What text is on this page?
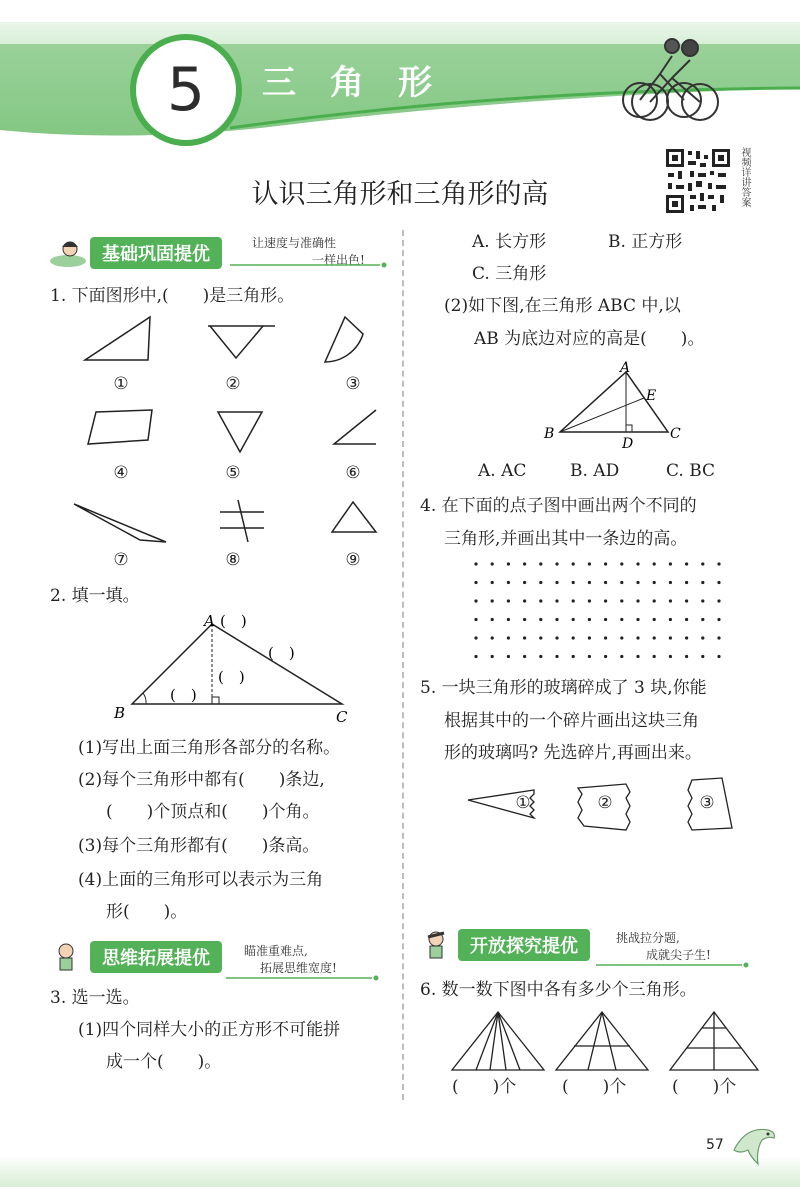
5	三角形
视频详讲答案
认识三角形和三角形的高
基础巩固提优
让速度与准确性
一样出色!
1. 下面图形中,(　　)是三角形。
①	②	③
④	⑤	⑥
⑦	⑧	⑨
2. 填一填。
A (　)
B	C
(　)
(　)
(　)
(1)写出上面三角形各部分的名称。
(2)每个三角形中都有(　　)条边,
(　　)个顶点和(　　)个角。
(3)每个三角形都有(　　)条高。
(4)上面的三角形可以表示为三角
形(　　)。
思维拓展提优	瞄准重难点,
拓展思维宽度!
3. 选一选。
(1)四个同样大小的正方形不可能拼
成一个(　　)。
A. 长方形	B. 正方形
C. 三角形
(2)如下图,在三角形 ABC 中,以
AB 为底边对应的高是(　　)。
A
B	C
D
E
A. AC	B. AD	C. BC
4. 在下面的点子图中画出两个不同的
三角形,并画出其中一条边的高。
5. 一块三角形的玻璃碎成了 3 块,你能
根据其中的一个碎片画出这块三角
形的玻璃吗? 先选碎片,再画出来。
①	②	③
开放探究提优	挑战拉分题,
成就尖子生!
6. 数一数下图中各有多少个三角形。
(　　)个	(　　)个	(　　)个
57
